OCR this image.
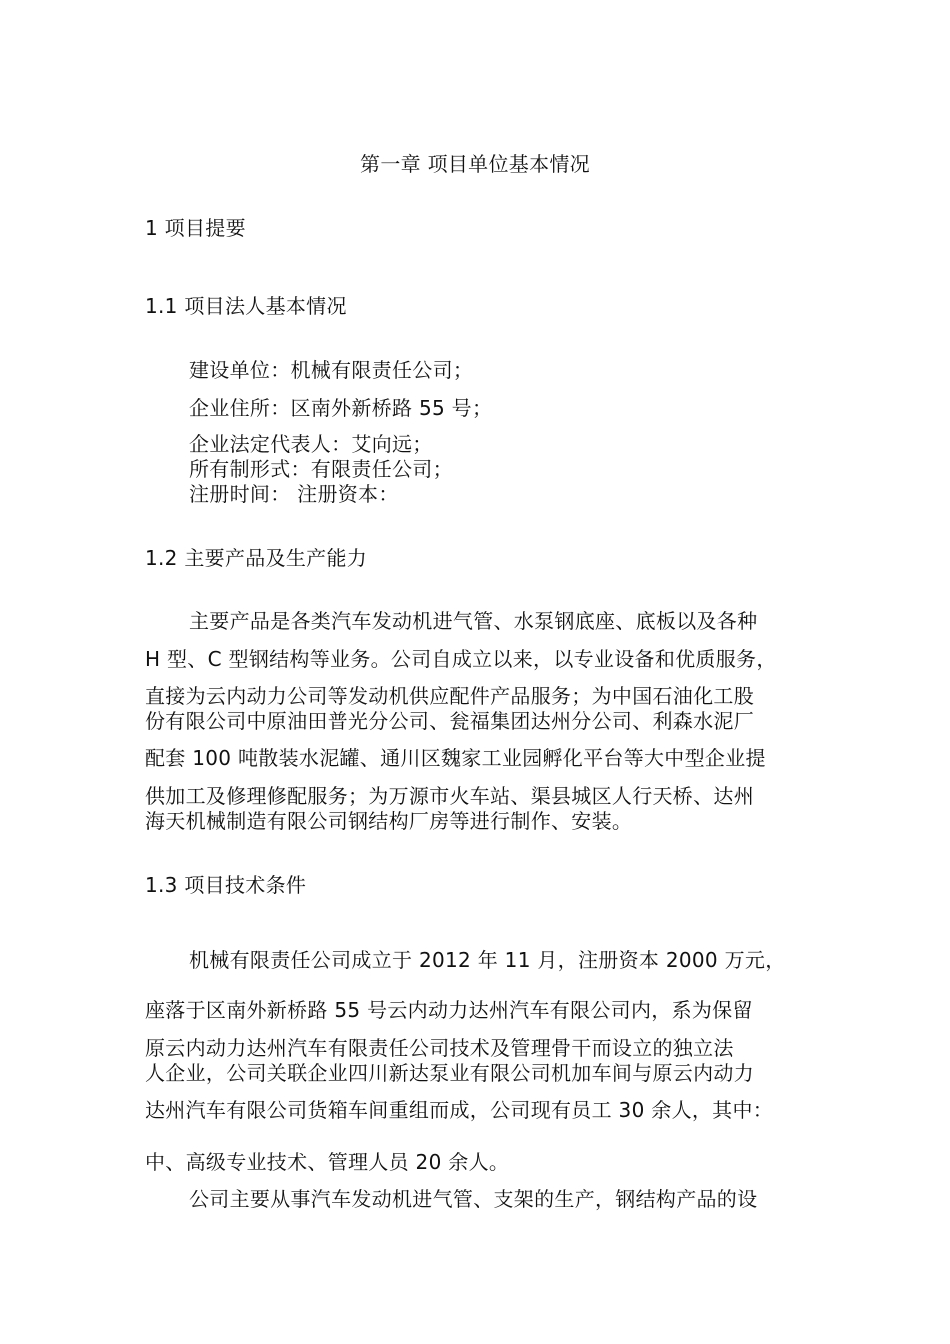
第一章 项目单位基本情况
1 项目提要
1.1 项目法人基本情况
建设单位：机械有限责任公司；
企业住所：区南外新桥路 55 号；
企业法定代表人：艾向远；
所有制形式：有限责任公司；
注册时间： 注册资本：
1.2 主要产品及生产能力
主要产品是各类汽车发动机进气管、水泵钢底座、底板以及各种
H 型、C 型钢结构等业务。公司自成立以来，以专业设备和优质服务，
直接为云内动力公司等发动机供应配件产品服务；为中国石油化工股
份有限公司中原油田普光分公司、瓮福集团达州分公司、利森水泥厂
配套 100 吨散装水泥罐、通川区魏家工业园孵化平台等大中型企业提
供加工及修理修配服务；为万源市火车站、渠县城区人行天桥、达州
海天机械制造有限公司钢结构厂房等进行制作、安装。
1.3 项目技术条件
机械有限责任公司成立于 2012 年 11 月，注册资本 2000 万元，
座落于区南外新桥路 55 号云内动力达州汽车有限公司内，系为保留
原云内动力达州汽车有限责任公司技术及管理骨干而设立的独立法
人企业，公司关联企业四川新达泵业有限公司机加车间与原云内动力
达州汽车有限公司货箱车间重组而成，公司现有员工 30 余人，其中：
中、高级专业技术、管理人员 20 余人。
公司主要从事汽车发动机进气管、支架的生产，钢结构产品的设
